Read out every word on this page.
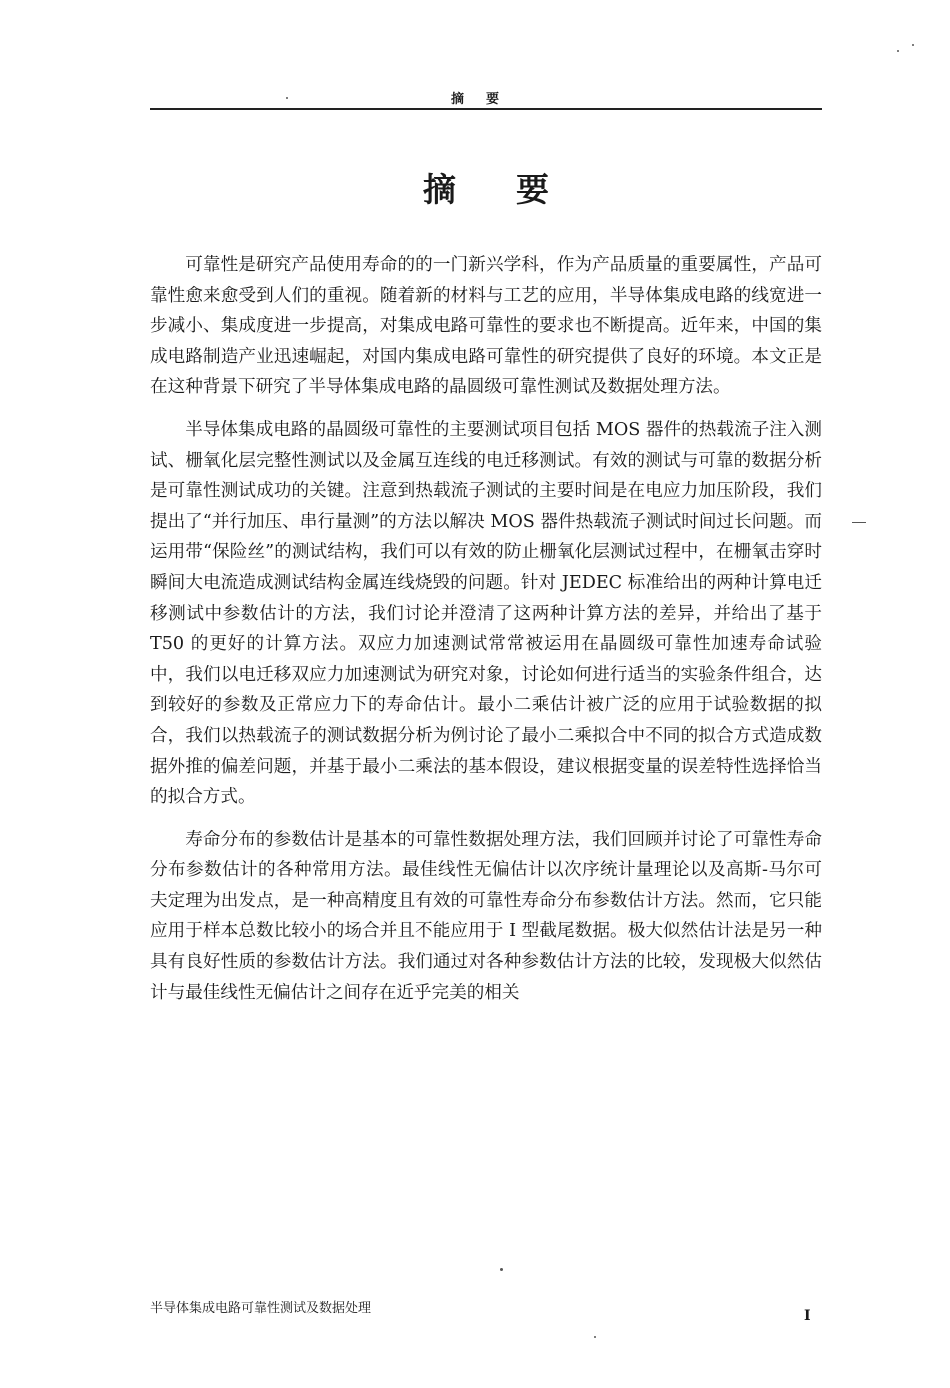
摘要
摘要

可靠性是研究产品使用寿命的的一门新兴学科，作为产品质量的重要属性，产品可靠性愈来愈受到人们的重视。随着新的材料与工艺的应用，半导体集成电路的线宽进一步减小、集成度进一步提高，对集成电路可靠性的要求也不断提高。近年来，中国的集成电路制造产业迅速崛起，对国内集成电路可靠性的研究提供了良好的环境。本文正是在这种背景下研究了半导体集成电路的晶圆级可靠性测试及数据处理方法。

半导体集成电路的晶圆级可靠性的主要测试项目包括 MOS 器件的热载流子注入测试、栅氧化层完整性测试以及金属互连线的电迁移测试。有效的测试与可靠的数据分析是可靠性测试成功的关键。注意到热载流子测试的主要时间是在电应力加压阶段，我们提出了“并行加压、串行量测”的方法以解决 MOS 器件热载流子测试时间过长问题。而运用带“保险丝”的测试结构，我们可以有效的防止栅氧化层测试过程中，在栅氧击穿时瞬间大电流造成测试结构金属连线烧毁的问题。针对 JEDEC 标准给出的两种计算电迁移测试中参数估计的方法，我们讨论并澄清了这两种计算方法的差异，并给出了基于 T50 的更好的计算方法。双应力加速测试常常被运用在晶圆级可靠性加速寿命试验中，我们以电迁移双应力加速测试为研究对象，讨论如何进行适当的实验条件组合，达到较好的参数及正常应力下的寿命估计。最小二乘估计被广泛的应用于试验数据的拟合，我们以热载流子的测试数据分析为例讨论了最小二乘拟合中不同的拟合方式造成数据外推的偏差问题，并基于最小二乘法的基本假设，建议根据变量的误差特性选择恰当的拟合方式。

寿命分布的参数估计是基本的可靠性数据处理方法，我们回顾并讨论了可靠性寿命分布参数估计的各种常用方法。最佳线性无偏估计以次序统计量理论以及高斯-马尔可夫定理为出发点，是一种高精度且有效的可靠性寿命分布参数估计方法。然而，它只能应用于样本总数比较小的场合并且不能应用于 I 型截尾数据。极大似然估计法是另一种具有良好性质的参数估计方法。我们通过对各种参数估计方法的比较，发现极大似然估计与最佳线性无偏估计之间存在近乎完美的相关

半导体集成电路可靠性测试及数据处理	I
